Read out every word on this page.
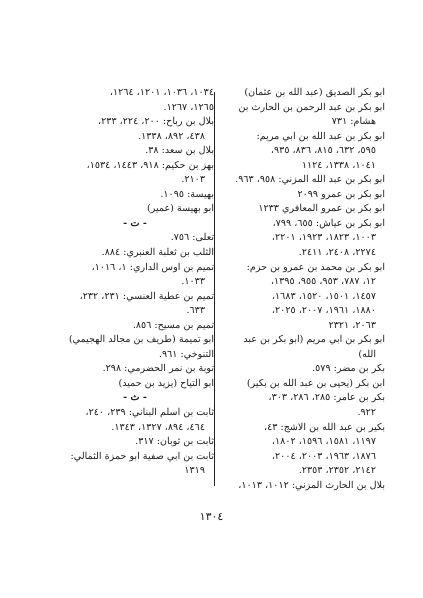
ابو بكر الصديق (عبد الله بن عثمان)
ابو بكر بن عبد الرحمن بن الحارث بن
هشام: ٧٣١
ابو بكر بن عبد الله بن ابي مريم:
٥٩٥، ٦٣٢، ٨١٥، ٨٣٦، ٩٣٥،
١٠٤١، ١٣٣٨، ١١٢٤
ابو بكر بن عبد الله المزني: ٩٥٨، ٩٦٣.
ابو بكر بن عمرو ٢٠٩٩
ابو بكر بن عمرو المعافري ١٢٣٣
ابو بكر بن عياش: ٦٥٥، ٧٩٩،
١٠٠٣، ١٨٢٣، ١٩٢٣، ٢٢٠١،
٢٢٧٤، ٢٤٠٨، ٢٤١١.
ابو بكر بن محمد بن عمرو بن حزم:
١٢، ٧٨٧، ٩٥٣، ٩٥٥، ١٣٩٥،
١٤٥٧، ١٥٠١، ١٥٢٠، ١٦٨٣،
١٨٨٠، ١٩٦١، ٢٠٠٧، ٢٠٢٥،
٢٠٦٣، ٢٣٢١
ابو بكر بن ابي مريم (ابو بكر بن عبد
الله)
بكر بن مضر: ٥٧٩.
ابن بكر (يحيى بن عبد الله بن بكير)
بكر بن عامر: ٢٨٥، ٢٨٦، ٣٠٣،
٩٢٢.
بكير بن عبد الله بن الاشج: ٤٣،
١١٩٧، ١٥٨١، ١٥٩٦، ١٨٠٢،
١٨٧٦، ١٩٦٣، ٢٠٠٣، ٢٠٠٤،
٢١٤٢، ٢٣٥٢، ٢٣٥٣.
بلال بن الحارث المزني: ١٠١٢، ١٠١٣،
١٠٣٤، ١٠٣٦، ١٢٠١، ١٢٦٤،
١٢٦٥، ١٢٦٧.
بلال بن رباح: ٢٠٠، ٢٢٤، ٢٣٣،
٤٣٨، ٨٩٢، ١٣٣٨.
بلال بن سعد: ٣٨.
بهز بن حكيم: ٩١٨، ١٤٤٣، ١٥٣٤،
٢١٠٣.
بهيسة: ١٠٩٥.
ابو بهيسة (عمير)
- ت -
تعلى: ٧٥٦.
الثلب بن ثعلبة العنبري: ٨٨٤.
تميم بن اوس الداري: ١، ١٠١٦،
١٠٣٣.
تميم بن عطية العنسي: ٢٣١، ٢٣٢،
٦٣٣.
تميم بن مسيح: ٨٥٦.
ابو تميمة (طريف بن مجالد الهجيمي)
التنوخي: ٩٦١.
توبة بن نمر الحضرمي: ٢٩٨.
ابو التياح (يزيد بن حميد)
- ث -
ثابت بن اسلم البناني: ٢٣٩، ٢٤٠،
٤٦٤، ٨٩٤، ١٣٢٧، ١٣٤٣.
ثابت بن ثوبان: ٣١٧.
ثابت بن ابي صفية ابو حمزة الثمالي:
١٣١٩
١٣٠٤
